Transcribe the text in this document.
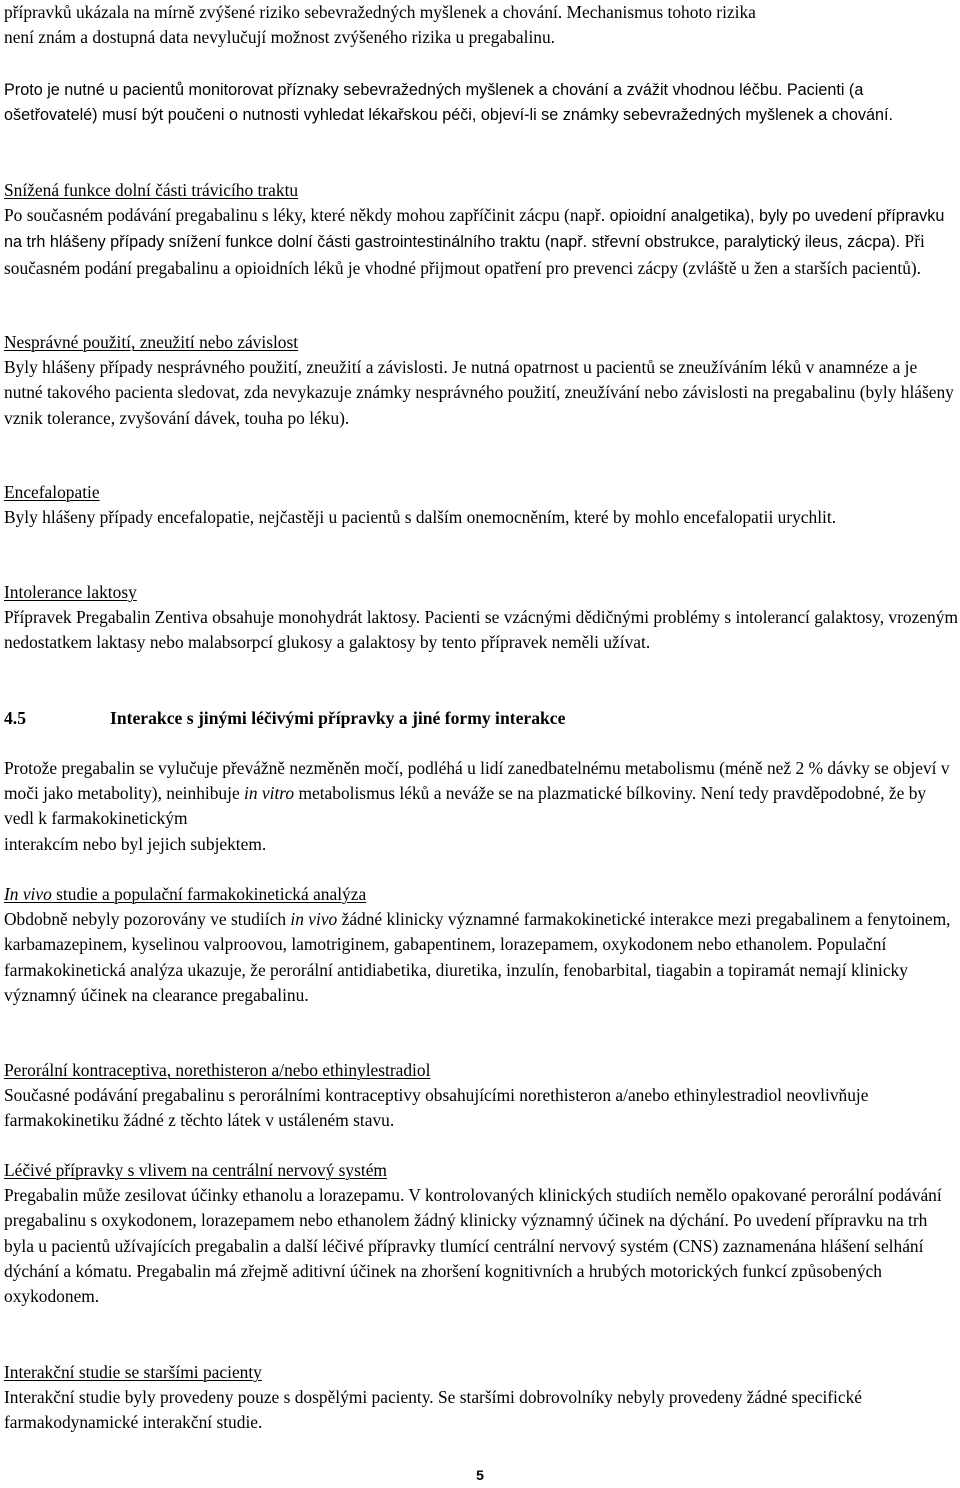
přípravků ukázala na mírně zvýšené riziko sebevražedných myšlenek a chování. Mechanismus tohoto rizika

není znám a dostupná data nevylučují možnost zvýšeného rizika u pregabalinu.

Proto je nutné u pacientů monitorovat příznaky sebevražedných myšlenek a chování a zvážit vhodnou léčbu. Pacienti (a ošetřovatelé) musí být poučeni o nutnosti vyhledat lékařskou péči, objeví-li se známky sebevražedných myšlenek a chování.

Snížená funkce dolní části trávicího traktu

Po současném podávání pregabalinu s léky, které někdy mohou zapříčinit zácpu (např. opioidní analgetika), byly po uvedení přípravku na trh hlášeny případy snížení funkce dolní části gastrointestinálního traktu (např. střevní obstrukce, paralytický ileus, zácpa). Při současném podání pregabalinu a opioidních léků je vhodné přijmout opatření pro prevenci zácpy (zvláště u žen a starších pacientů).

Nesprávné použití, zneužití nebo závislost

Byly hlášeny případy nesprávného použití, zneužití a závislosti. Je nutná opatrnost u pacientů se zneužíváním léků v anamnéze a je nutné takového pacienta sledovat, zda nevykazuje známky nesprávného použití, zneužívání nebo závislosti na pregabalinu (byly hlášeny vznik tolerance, zvyšování dávek, touha po léku).

Encefalopatie

Byly hlášeny případy encefalopatie, nejčastěji u pacientů s dalším onemocněním, které by mohlo encefalopatii urychlit.

Intolerance laktosy

Přípravek Pregabalin Zentiva obsahuje monohydrát laktosy. Pacienti se vzácnými dědičnými problémy s intolerancí galaktosy, vrozeným nedostatkem laktasy nebo malabsorpcí glukosy a galaktosy by tento přípravek neměli užívat.

4.5	Interakce s jinými léčivými přípravky a jiné formy interakce

Protože pregabalin se vylučuje převážně nezměněn močí, podléhá u lidí zanedbatelnému metabolismu (méně než 2 % dávky se objeví v moči jako metabolity), neinhibuje in vitro metabolismus léků a neváže se na plazmatické bílkoviny. Není tedy pravděpodobné, že by vedl k farmakokinetickým

interakcím nebo byl jejich subjektem.

In vivo studie a populační farmakokinetická analýza

Obdobně nebyly pozorovány ve studiích in vivo žádné klinicky významné farmakokinetické interakce mezi pregabalinem a fenytoinem, karbamazepinem, kyselinou valproovou, lamotriginem, gabapentinem, lorazepamem, oxykodonem nebo ethanolem. Populační farmakokinetická analýza ukazuje, že perorální antidiabetika, diuretika, inzulín, fenobarbital, tiagabin a topiramát nemají klinicky významný účinek na clearance pregabalinu.

Perorální kontraceptiva, norethisteron a/nebo ethinylestradiol

Současné podávání pregabalinu s perorálními kontraceptivy obsahujícími norethisteron a/anebo ethinylestradiol neovlivňuje farmakokinetiku žádné z těchto látek v ustáleném stavu.

Léčivé přípravky s vlivem na centrální nervový systém

Pregabalin může zesilovat účinky ethanolu a lorazepamu. V kontrolovaných klinických studiích nemělo opakované perorální podávání pregabalinu s oxykodonem, lorazepamem nebo ethanolem žádný klinicky významný účinek na dýchání. Po uvedení přípravku na trh byla u pacientů užívajících pregabalin a další léčivé přípravky tlumící centrální nervový systém (CNS) zaznamenána hlášení selhání dýchání a kómatu. Pregabalin má zřejmě aditivní účinek na zhoršení kognitivních a hrubých motorických funkcí způsobených oxykodonem.

Interakční studie se staršími pacienty

Interakční studie byly provedeny pouze s dospělými pacienty. Se staršími dobrovolníky nebyly provedeny žádné specifické farmakodynamické interakční studie.

5
